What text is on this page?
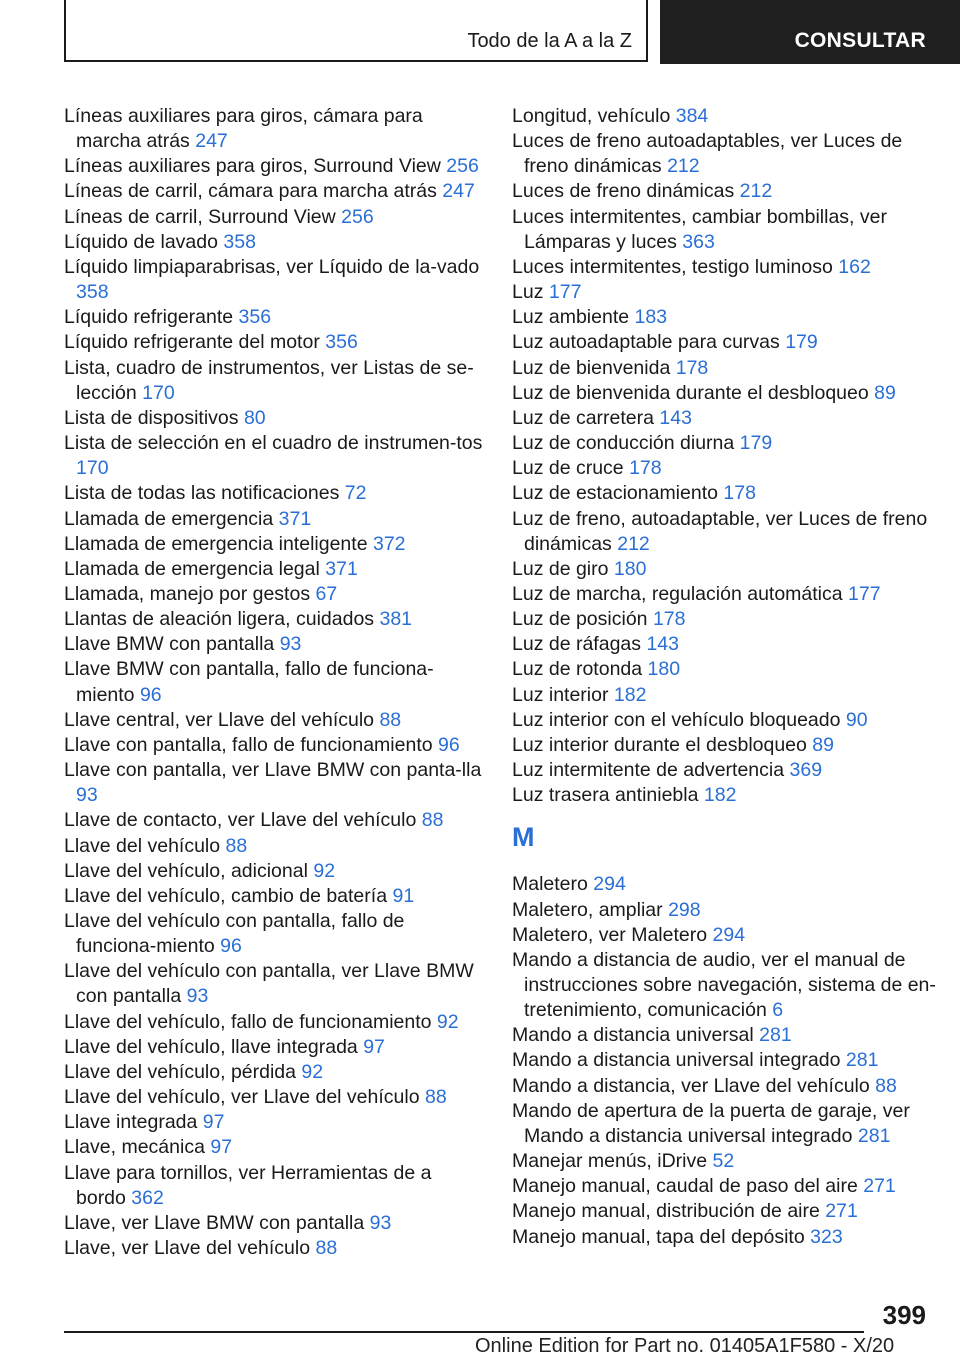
Todo de la A a la Z	CONSULTAR
Líneas auxiliares para giros, cámara para marcha atrás 247
Líneas auxiliares para giros, Surround View 256
Líneas de carril, cámara para marcha atrás 247
Líneas de carril, Surround View 256
Líquido de lavado 358
Líquido limpiaparabrisas, ver Líquido de la-vado 358
Líquido refrigerante 356
Líquido refrigerante del motor 356
Lista, cuadro de instrumentos, ver Listas de se-lección 170
Lista de dispositivos 80
Lista de selección en el cuadro de instrumen-tos 170
Lista de todas las notificaciones 72
Llamada de emergencia 371
Llamada de emergencia inteligente 372
Llamada de emergencia legal 371
Llamada, manejo por gestos 67
Llantas de aleación ligera, cuidados 381
Llave BMW con pantalla 93
Llave BMW con pantalla, fallo de funciona-miento 96
Llave central, ver Llave del vehículo 88
Llave con pantalla, fallo de funcionamiento 96
Llave con pantalla, ver Llave BMW con panta-lla 93
Llave de contacto, ver Llave del vehículo 88
Llave del vehículo 88
Llave del vehículo, adicional 92
Llave del vehículo, cambio de batería 91
Llave del vehículo con pantalla, fallo de funciona-miento 96
Llave del vehículo con pantalla, ver Llave BMW con pantalla 93
Llave del vehículo, fallo de funcionamiento 92
Llave del vehículo, llave integrada 97
Llave del vehículo, pérdida 92
Llave del vehículo, ver Llave del vehículo 88
Llave integrada 97
Llave, mecánica 97
Llave para tornillos, ver Herramientas de a bordo 362
Llave, ver Llave BMW con pantalla 93
Llave, ver Llave del vehículo 88
Longitud, vehículo 384
Luces de freno autoadaptables, ver Luces de freno dinámicas 212
Luces de freno dinámicas 212
Luces intermitentes, cambiar bombillas, ver Lámparas y luces 363
Luces intermitentes, testigo luminoso 162
Luz 177
Luz ambiente 183
Luz autoadaptable para curvas 179
Luz de bienvenida 178
Luz de bienvenida durante el desbloqueo 89
Luz de carretera 143
Luz de conducción diurna 179
Luz de cruce 178
Luz de estacionamiento 178
Luz de freno, autoadaptable, ver Luces de freno dinámicas 212
Luz de giro 180
Luz de marcha, regulación automática 177
Luz de posición 178
Luz de ráfagas 143
Luz de rotonda 180
Luz interior 182
Luz interior con el vehículo bloqueado 90
Luz interior durante el desbloqueo 89
Luz intermitente de advertencia 369
Luz trasera antiniebla 182
M
Maletero 294
Maletero, ampliar 298
Maletero, ver Maletero 294
Mando a distancia de audio, ver el manual de instrucciones sobre navegación, sistema de en-tretenimiento, comunicación 6
Mando a distancia universal 281
Mando a distancia universal integrado 281
Mando a distancia, ver Llave del vehículo 88
Mando de apertura de la puerta de garaje, ver Mando a distancia universal integrado 281
Manejar menús, iDrive 52
Manejo manual, caudal de paso del aire 271
Manejo manual, distribución de aire 271
Manejo manual, tapa del depósito 323
399
Online Edition for Part no. 01405A1F580 - X/20
